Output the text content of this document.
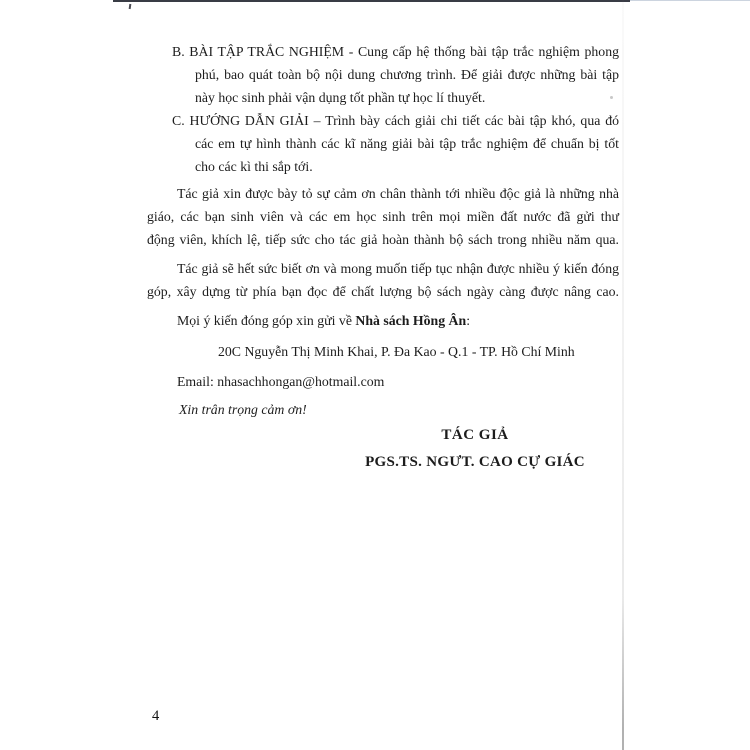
B. BÀI TẬP TRẮC NGHIỆM - Cung cấp hệ thống bài tập trắc nghiệm phong
phú, bao quát toàn bộ nội dung chương trình. Để giải được những bài tập
này học sinh phải vận dụng tốt phần tự học lí thuyết.
C. HƯỚNG DẪN GIẢI – Trình bày cách giải chi tiết các bài tập khó, qua đó
các em tự hình thành các kĩ năng giải bài tập trắc nghiệm để chuẩn bị tốt
cho các kì thi sắp tới.
Tác giả xin được bày tỏ sự cảm ơn chân thành tới nhiều độc giả là những nhà
giáo, các bạn sinh viên và các em học sinh trên mọi miền đất nước đã gửi thư
động viên, khích lệ, tiếp sức cho tác giả hoàn thành bộ sách trong nhiều năm qua.
Tác giả sẽ hết sức biết ơn và mong muốn tiếp tục nhận được nhiều ý kiến đóng
góp, xây dựng từ phía bạn đọc để chất lượng bộ sách ngày càng được nâng cao.
Mọi ý kiến đóng góp xin gửi về Nhà sách Hồng Ân:
20C Nguyễn Thị Minh Khai, P. Đa Kao - Q.1 - TP. Hồ Chí Minh
Email: nhasachhongan@hotmail.com
Xin trân trọng cảm ơn!
TÁC GIẢ
PGS.TS. NGƯT. CAO CỰ GIÁC
4
